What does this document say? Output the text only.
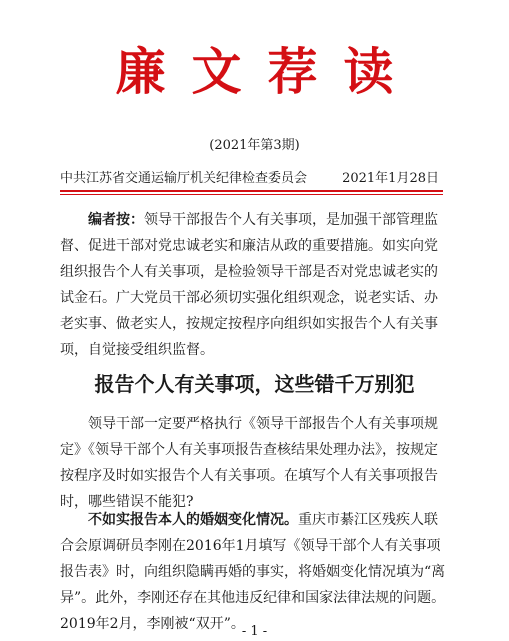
廉文荐读
(2021年第3期)
中共江苏省交通运输厅机关纪律检查委员会	2021年1月28日

编者按：领导干部报告个人有关事项，是加强干部管理监督、促进干部对党忠诚老实和廉洁从政的重要措施。如实向党组织报告个人有关事项，是检验领导干部是否对党忠诚老实的试金石。广大党员干部必须切实强化组织观念，说老实话、办老实事、做老实人，按规定按程序向组织如实报告个人有关事项，自觉接受组织监督。

报告个人有关事项，这些错千万别犯

领导干部一定要严格执行《领导干部报告个人有关事项规定》《领导干部个人有关事项报告查核结果处理办法》，按规定按程序及时如实报告个人有关事项。在填写个人有关事项报告时，哪些错误不能犯?

不如实报告本人的婚姻变化情况。重庆市綦江区残疾人联合会原调研员李刚在2016年1月填写《领导干部个人有关事项报告表》时，向组织隐瞒再婚的事实，将婚姻变化情况填为“离异”。此外，李刚还存在其他违反纪律和国家法律法规的问题。2019年2月，李刚被“双开”。

- 1 -
